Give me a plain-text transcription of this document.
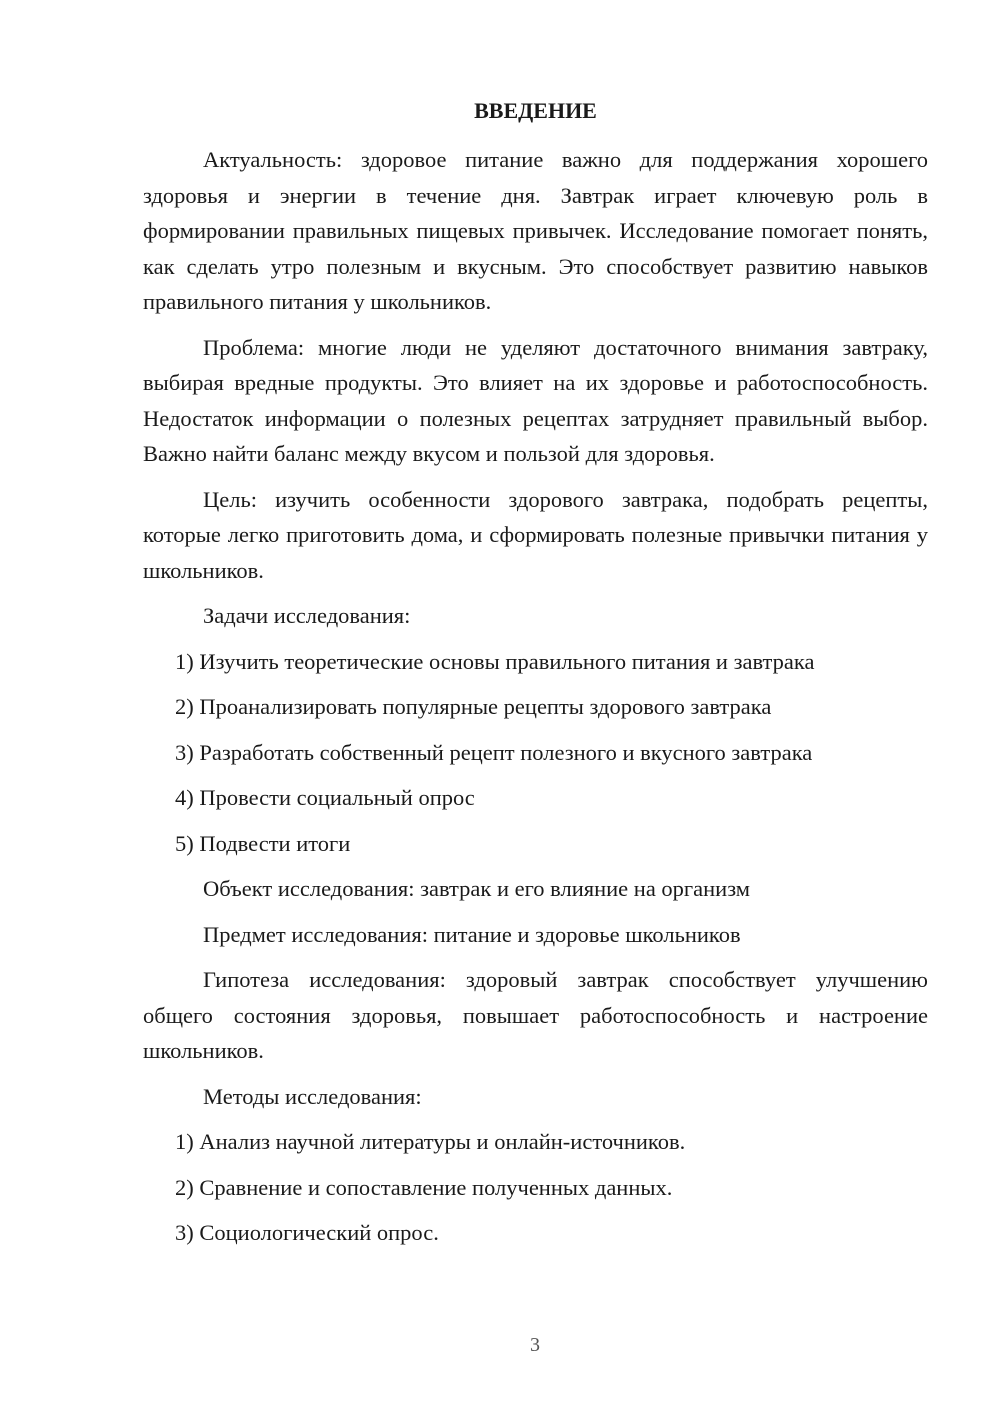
ВВЕДЕНИЕ

Актуальность: здоровое питание важно для поддержания хорошего здоровья и энергии в течение дня. Завтрак играет ключевую роль в формировании правильных пищевых привычек. Исследование помогает понять, как сделать утро полезным и вкусным. Это способствует развитию навыков правильного питания у школьников.

Проблема: многие люди не уделяют достаточного внимания завтраку, выбирая вредные продукты. Это влияет на их здоровье и работоспособность. Недостаток информации о полезных рецептах затрудняет правильный выбор. Важно найти баланс между вкусом и пользой для здоровья.

Цель: изучить особенности здорового завтрака, подобрать рецепты, которые легко приготовить дома, и сформировать полезные привычки питания у школьников.

Задачи исследования:

1) Изучить теоретические основы правильного питания и завтрака

2) Проанализировать популярные рецепты здорового завтрака

3) Разработать собственный рецепт полезного и вкусного завтрака

4) Провести социальный опрос

5) Подвести итоги

Объект исследования: завтрак и его влияние на организм

Предмет исследования: питание и здоровье школьников

Гипотеза исследования: здоровый завтрак способствует улучшению общего состояния здоровья, повышает работоспособность и настроение школьников.

Методы исследования:

1) Анализ научной литературы и онлайн-источников.

2) Сравнение и сопоставление полученных данных.

3) Социологический опрос.

3
